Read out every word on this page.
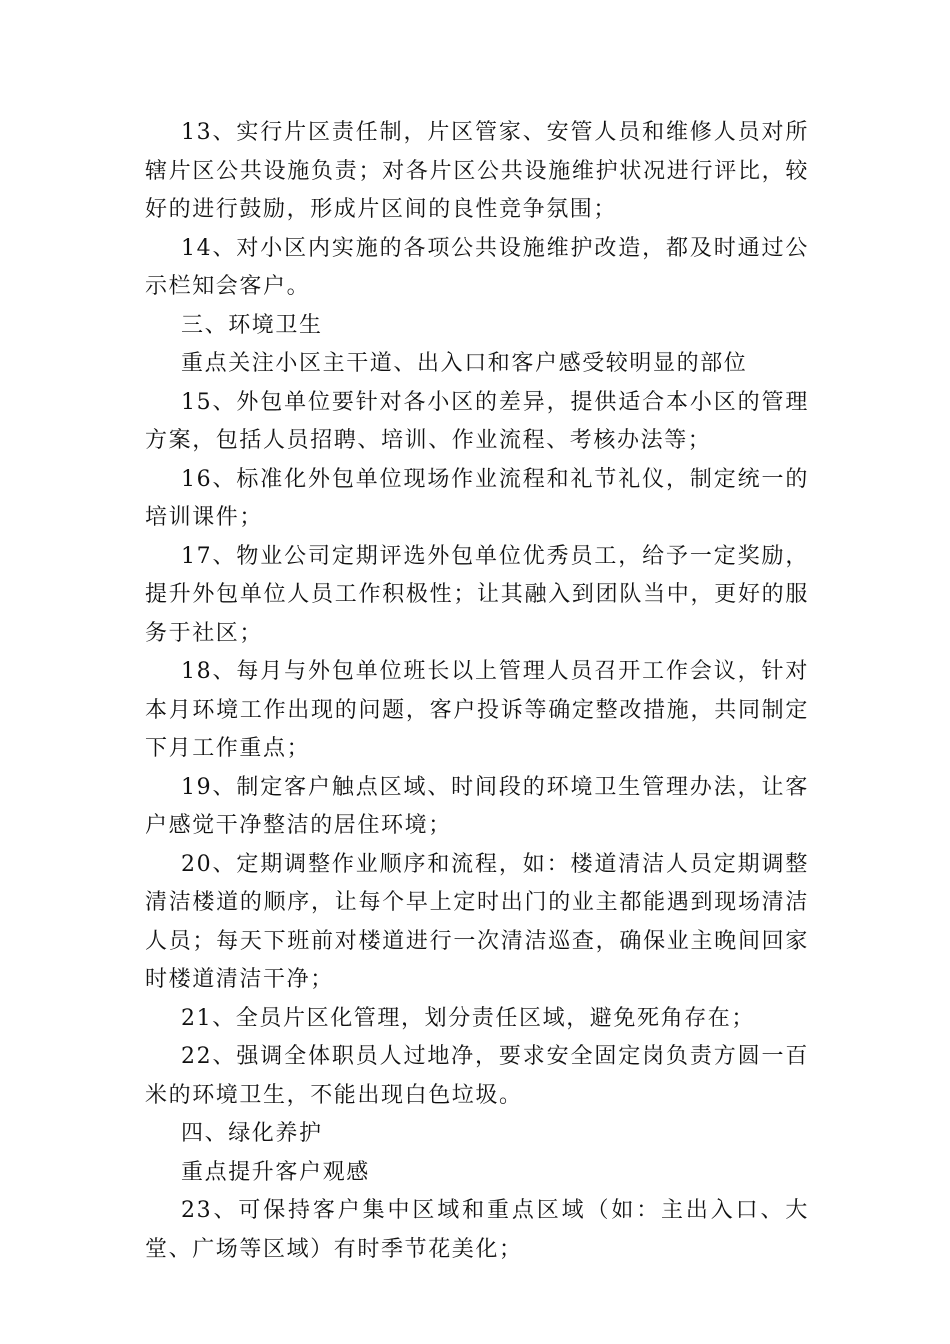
13、实行片区责任制，片区管家、安管人员和维修人员对所辖片区公共设施负责；对各片区公共设施维护状况进行评比，较好的进行鼓励，形成片区间的良性竞争氛围；

14、对小区内实施的各项公共设施维护改造，都及时通过公示栏知会客户。

三、环境卫生

重点关注小区主干道、出入口和客户感受较明显的部位

15、外包单位要针对各小区的差异，提供适合本小区的管理方案，包括人员招聘、培训、作业流程、考核办法等；

16、标准化外包单位现场作业流程和礼节礼仪，制定统一的培训课件；

17、物业公司定期评选外包单位优秀员工，给予一定奖励，提升外包单位人员工作积极性；让其融入到团队当中，更好的服务于社区；

18、每月与外包单位班长以上管理人员召开工作会议，针对本月环境工作出现的问题，客户投诉等确定整改措施，共同制定下月工作重点；

19、制定客户触点区域、时间段的环境卫生管理办法，让客户感觉干净整洁的居住环境；

20、定期调整作业顺序和流程，如：楼道清洁人员定期调整清洁楼道的顺序，让每个早上定时出门的业主都能遇到现场清洁人员；每天下班前对楼道进行一次清洁巡查，确保业主晚间回家时楼道清洁干净；

21、全员片区化管理，划分责任区域，避免死角存在；

22、强调全体职员人过地净，要求安全固定岗负责方圆一百米的环境卫生，不能出现白色垃圾。

四、绿化养护

重点提升客户观感

23、可保持客户集中区域和重点区域（如：主出入口、大堂、广场等区域）有时季节花美化；
